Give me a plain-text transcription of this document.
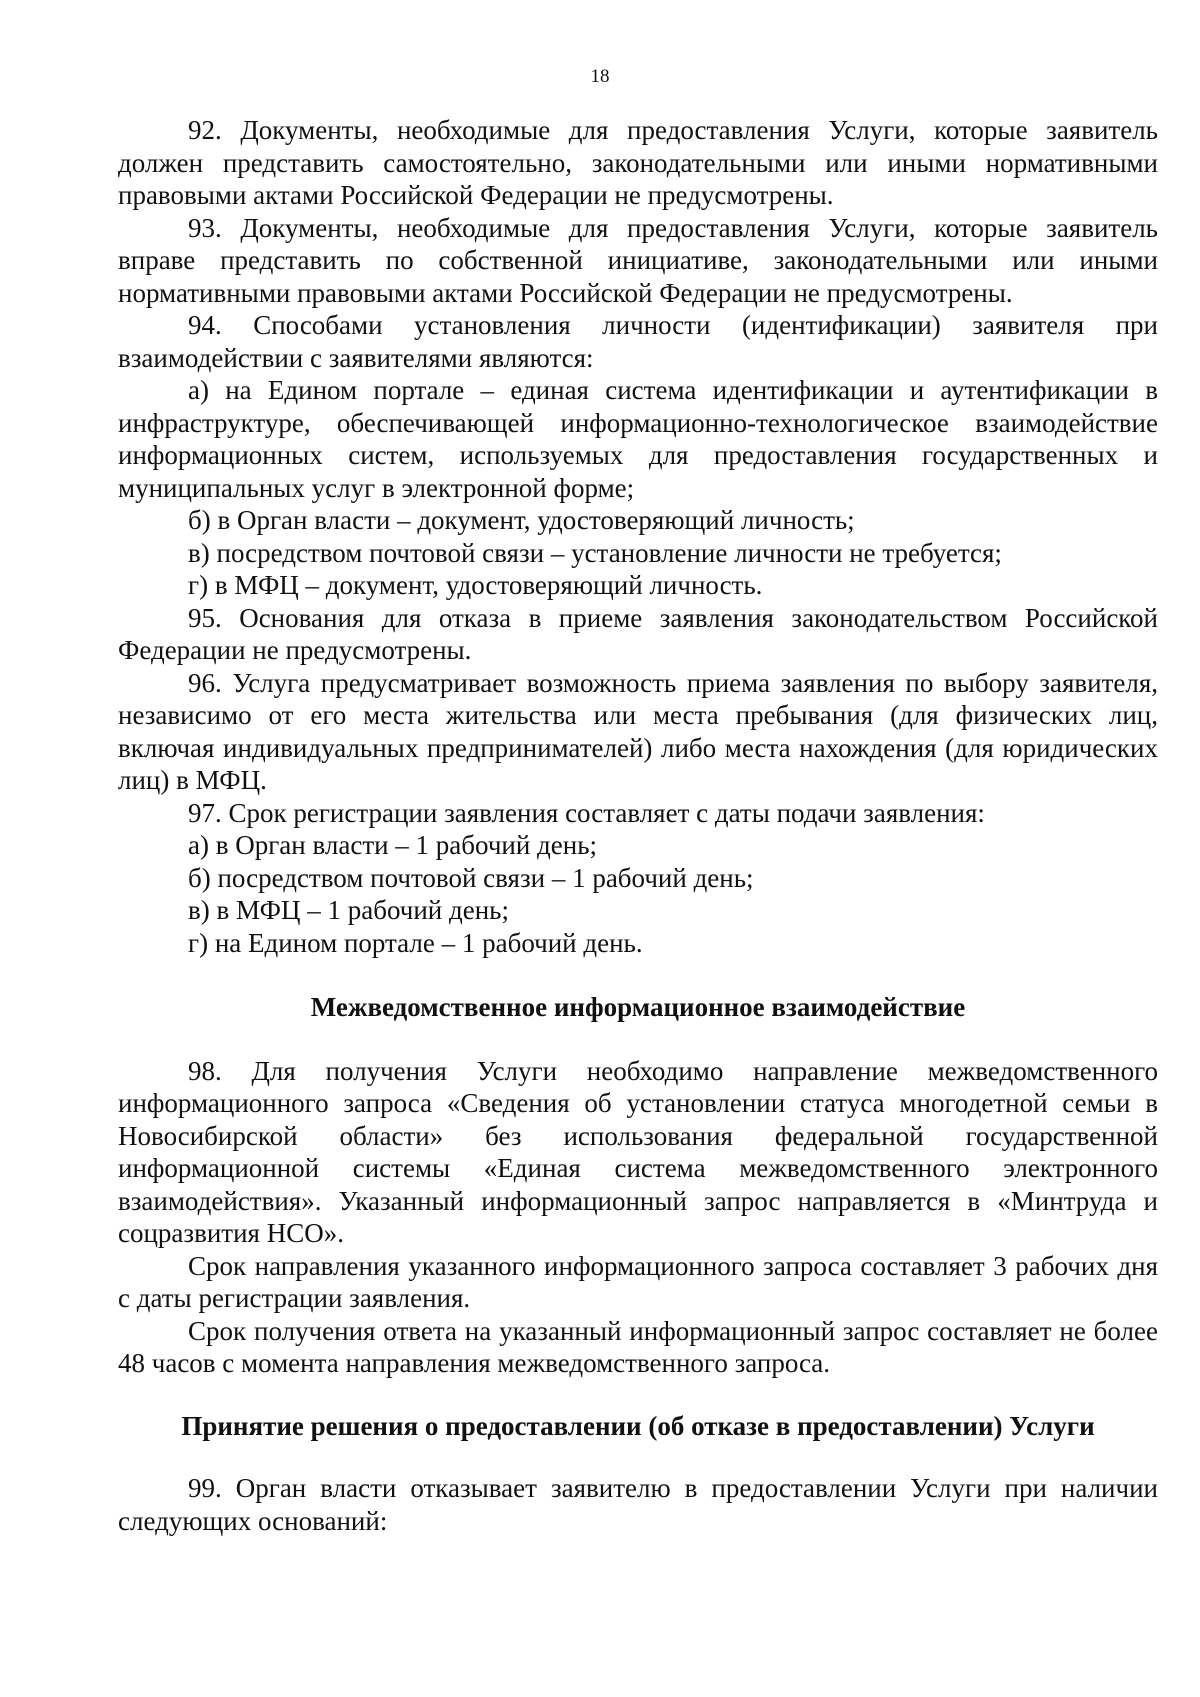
18

92. Документы, необходимые для предоставления Услуги, которые заявитель должен представить самостоятельно, законодательными или иными нормативными правовыми актами Российской Федерации не предусмотрены.

93. Документы, необходимые для предоставления Услуги, которые заявитель вправе представить по собственной инициативе, законодательными или иными нормативными правовыми актами Российской Федерации не предусмотрены.

94. Способами установления личности (идентификации) заявителя при взаимодействии с заявителями являются:

а) на Едином портале – единая система идентификации и аутентификации в инфраструктуре, обеспечивающей информационно-технологическое взаимодействие информационных систем, используемых для предоставления государственных и муниципальных услуг в электронной форме;

б) в Орган власти – документ, удостоверяющий личность;

в) посредством почтовой связи – установление личности не требуется;

г) в МФЦ – документ, удостоверяющий личность.

95. Основания для отказа в приеме заявления законодательством Российской Федерации не предусмотрены.

96. Услуга предусматривает возможность приема заявления по выбору заявителя, независимо от его места жительства или места пребывания (для физических лиц, включая индивидуальных предпринимателей) либо места нахождения (для юридических лиц) в МФЦ.

97. Срок регистрации заявления составляет с даты подачи заявления:

а) в Орган власти – 1 рабочий день;

б) посредством почтовой связи – 1 рабочий день;

в) в МФЦ – 1 рабочий день;

г) на Едином портале – 1 рабочий день.

Межведомственное информационное взаимодействие

98. Для получения Услуги необходимо направление межведомственного информационного запроса «Сведения об установлении статуса многодетной семьи в Новосибирской области» без использования федеральной государственной информационной системы «Единая система межведомственного электронного взаимодействия». Указанный информационный запрос направляется в «Минтруда и соцразвития НСО».

Срок направления указанного информационного запроса составляет 3 рабочих дня с даты регистрации заявления.

Срок получения ответа на указанный информационный запрос составляет не более 48 часов с момента направления межведомственного запроса.

Принятие решения о предоставлении (об отказе в предоставлении) Услуги

99. Орган власти отказывает заявителю в предоставлении Услуги при наличии следующих оснований:
